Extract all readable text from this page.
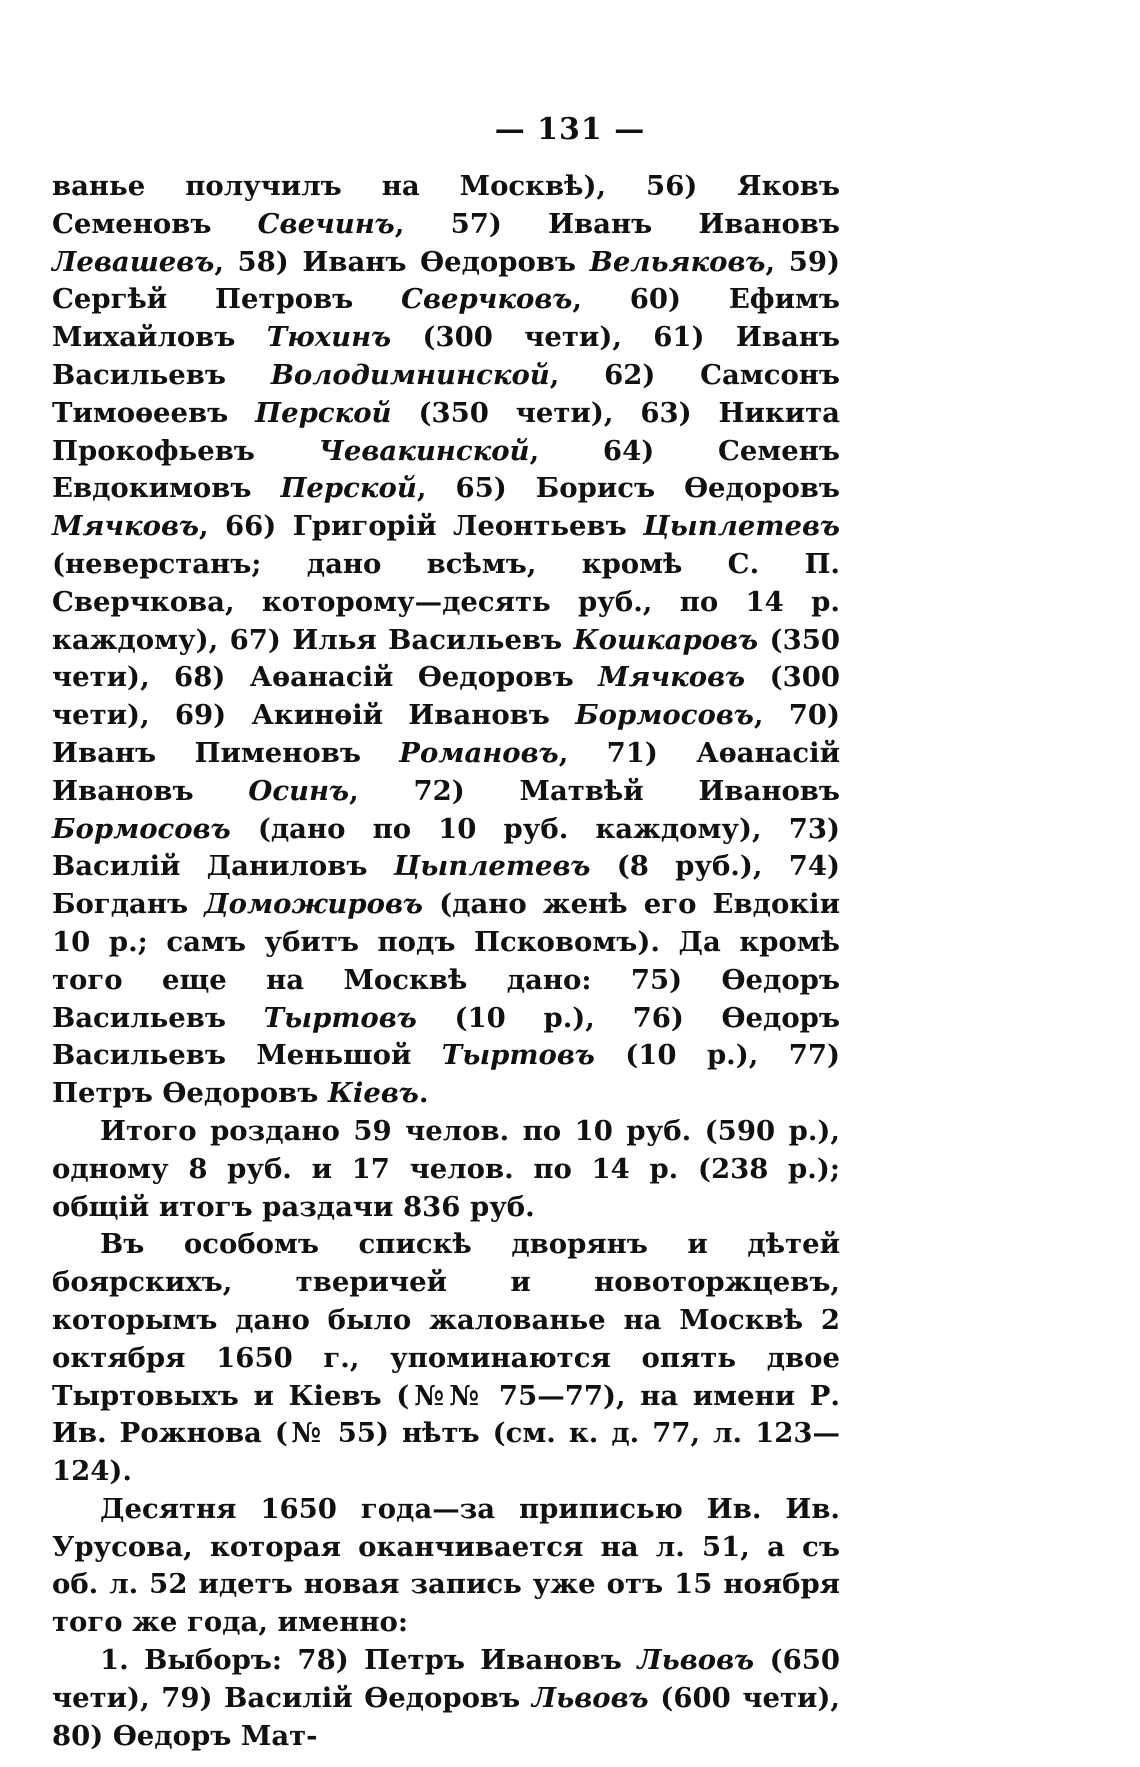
— 131 —

ванье получилъ на Москвѣ), 56) Яковъ Семеновъ Свечинъ, 57) Иванъ Ивановъ Левашевъ, 58) Иванъ Өедоровъ Вельяковъ, 59) Сергѣй Петровъ Сверчковъ, 60) Ефимъ Михайловъ Тюхинъ (300 чети), 61) Иванъ Васильевъ Володимнинской, 62) Самсонъ Тимоѳеевъ Перской (350 чети), 63) Никита Прокофьевъ Чевакинской, 64) Семенъ Евдокимовъ Перской, 65) Борисъ Өедоровъ Мячковъ, 66) Григорій Леонтьевъ Цыплетевъ (неверстанъ; дано всѣмъ, кромѣ С. П. Сверчкова, которому—десять руб., по 14 р. каждому), 67) Илья Васильевъ Кошкаровъ (350 чети), 68) Аѳанасій Өедоровъ Мячковъ (300 чети), 69) Акинѳій Ивановъ Бормосовъ, 70) Иванъ Пименовъ Романовъ, 71) Аѳанасій Ивановъ Осинъ, 72) Матвѣй Ивановъ Бормосовъ (дано по 10 руб. каждому), 73) Василій Даниловъ Цыплетевъ (8 руб.), 74) Богданъ Доможировъ (дано женѣ его Евдокіи 10 р.; самъ убитъ подъ Псковомъ). Да кромѣ того еще на Москвѣ дано: 75) Өедоръ Васильевъ Тыртовъ (10 р.), 76) Өедоръ Васильевъ Меньшой Тыртовъ (10 р.), 77) Петръ Өедоровъ Кіевъ.

Итого роздано 59 челов. по 10 руб. (590 р.), одному 8 руб. и 17 челов. по 14 р. (238 р.); общій итогъ раздачи 836 руб.

Въ особомъ спискѣ дворянъ и дѣтей боярскихъ, тверичей и новоторжцевъ, которымъ дано было жалованье на Москвѣ 2 октября 1650 г., упоминаются опять двое Тыртовыхъ и Кіевъ (№№ 75—77), на имени Р. Ив. Рожнова (№ 55) нѣтъ (см. к. д. 77, л. 123—124).

Десятня 1650 года—за приписью Ив. Ив. Урусова, которая оканчивается на л. 51, а съ об. л. 52 идетъ новая запись уже отъ 15 ноября того же года, именно:

1. Выборъ: 78) Петръ Ивановъ Львовъ (650 чети), 79) Василій Өедоровъ Львовъ (600 чети), 80) Өедоръ Мат-
